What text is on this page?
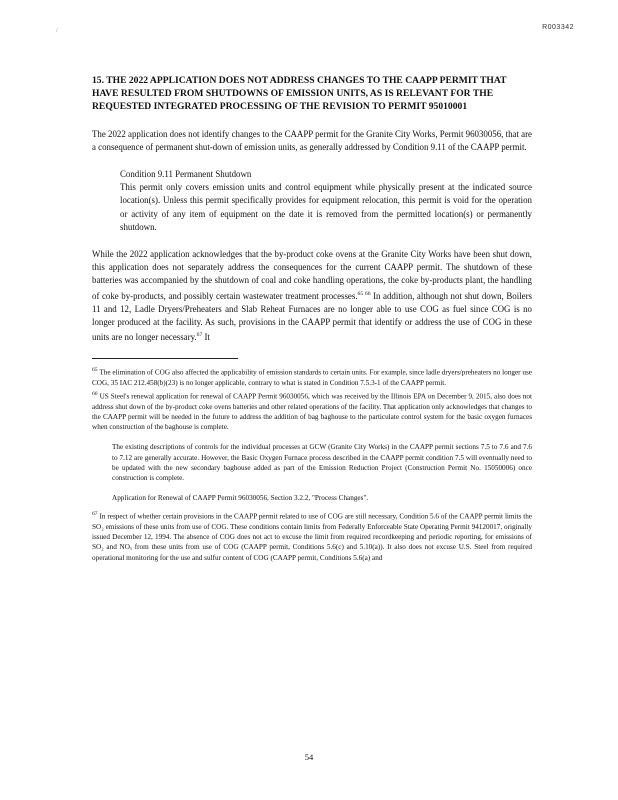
/	R003342

15. THE 2022 APPLICATION DOES NOT ADDRESS CHANGES TO THE CAAPP PERMIT THAT HAVE RESULTED FROM SHUTDOWNS OF EMISSION UNITS, AS IS RELEVANT FOR THE REQUESTED INTEGRATED PROCESSING OF THE REVISION TO PERMIT 95010001

The 2022 application does not identify changes to the CAAPP permit for the Granite City Works, Permit 96030056, that are a consequence of permanent shut-down of emission units, as generally addressed by Condition 9.11 of the CAAPP permit.

Condition 9.11 Permanent Shutdown

This permit only covers emission units and control equipment while physically present at the indicated source location(s). Unless this permit specifically provides for equipment relocation, this permit is void for the operation or activity of any item of equipment on the date it is removed from the permitted location(s) or permanently shutdown.

While the 2022 application acknowledges that the by-product coke ovens at the Granite City Works have been shut down, this application does not separately address the consequences for the current CAAPP permit. The shutdown of these batteries was accompanied by the shutdown of coal and coke handling operations, the coke by-products plant, the handling of coke by-products, and possibly certain wastewater treatment processes.$^{65 66}$ In addition, although not shut down, Boilers 11 and 12, Ladle Dryers/Preheaters and Slab Reheat Furnaces are no longer able to use COG as fuel since COG is no longer produced at the facility. As such, provisions in the CAAPP permit that identify or address the use of COG in these units are no longer necessary.$^{67}$ It

$^{65}$ The elimination of COG also affected the applicability of emission standards to certain units. For example, since ladle dryers/preheaters no longer use COG, 35 IAC 212.458(b)(23) is no longer applicable, contrary to what is stated in Condition 7.5.3-1 of the CAAPP permit.

$^{66}$ US Steel's renewal application for renewal of CAAPP Permit 96030056, which was received by the Illinois EPA on December 9, 2015, also does not address shut down of the by-product coke ovens batteries and other related operations of the facility. That application only acknowledges that changes to the CAAPP permit will be needed in the future to address the addition of bag baghouse to the particulate control system for the basic oxygen furnaces when construction of the baghouse is complete.

The existing descriptions of controls for the individual processes at GCW (Granite City Works) in the CAAPP permit sections 7.5 to 7.6 and 7.6 to 7.12 are generally accurate. However, the Basic Oxygen Furnace process described in the CAAPP permit condition 7.5 will eventually need to be updated with the new secondary baghouse added as part of the Emission Reduction Project (Construction Permit No. 15050006) once construction is complete.

Application for Renewal of CAAPP Permit 96030056, Section 3.2.2, "Process Changes".

$^{67}$ In respect of whether certain provisions in the CAAPP permit related to use of COG are still necessary, Condition 5.6 of the CAAPP permit limits the SO₂ emissions of these units from use of COG. These conditions contain limits from Federally Enforceable State Operating Permit 94120017, originally issued December 12, 1994. The absence of COG does not act to excuse the limit from required recordkeeping and periodic reporting, for emissions of SO₂ and NOₓ from these units from use of COG (CAAPP permit, Conditions 5.6(c) and 5.10(a)). It also does not excuse U.S. Steel from required operational monitoring for the use and sulfur content of COG (CAAPP permit, Conditions 5.6(a) and

54
